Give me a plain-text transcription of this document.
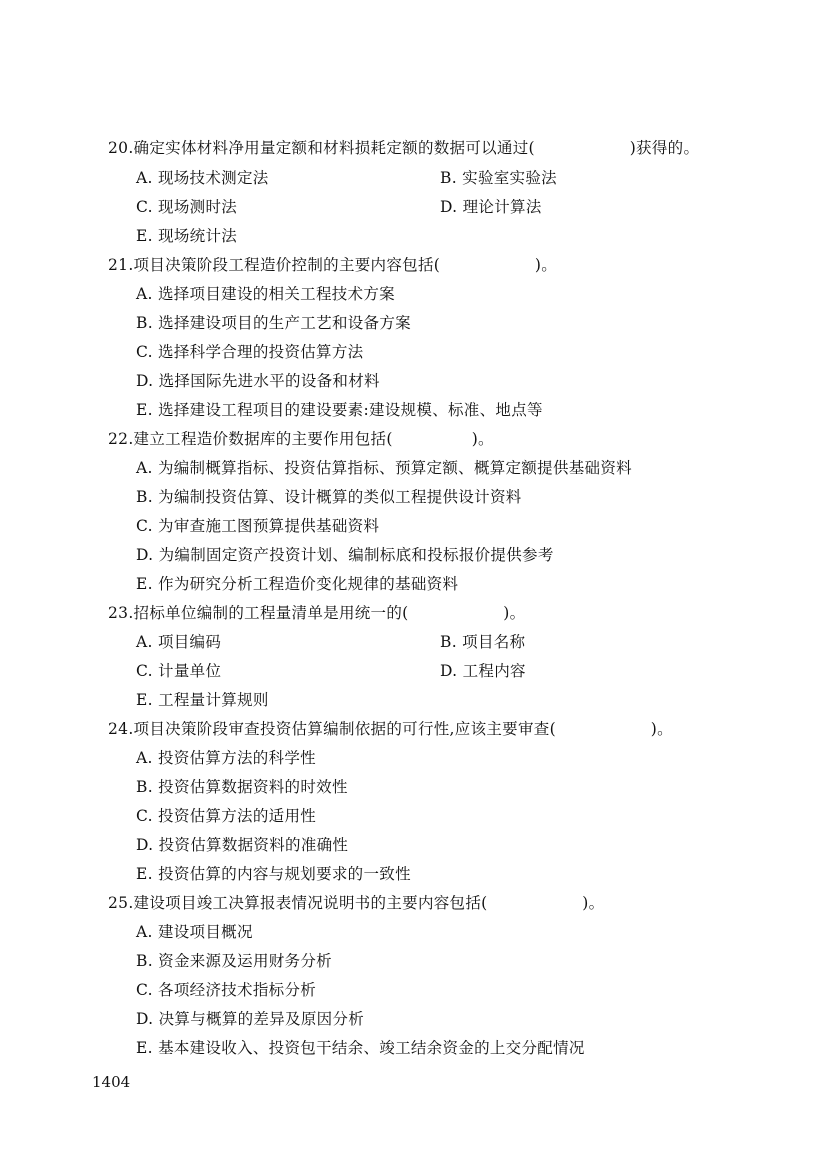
20.确定实体材料净用量定额和材料损耗定额的数据可以通过(　　　　　　)获得的。
A. 现场技术测定法	B. 实验室实验法
C. 现场测时法	D. 理论计算法
E. 现场统计法
21.项目决策阶段工程造价控制的主要内容包括(　　　　　　)。
A. 选择项目建设的相关工程技术方案
B. 选择建设项目的生产工艺和设备方案
C. 选择科学合理的投资估算方法
D. 选择国际先进水平的设备和材料
E. 选择建设工程项目的建设要素:建设规模、标准、地点等
22.建立工程造价数据库的主要作用包括(　　　　　)。
A. 为编制概算指标、投资估算指标、预算定额、概算定额提供基础资料
B. 为编制投资估算、设计概算的类似工程提供设计资料
C. 为审查施工图预算提供基础资料
D. 为编制固定资产投资计划、编制标底和投标报价提供参考
E. 作为研究分析工程造价变化规律的基础资料
23.招标单位编制的工程量清单是用统一的(　　　　　　)。
A. 项目编码	B. 项目名称
C. 计量单位	D. 工程内容
E. 工程量计算规则
24.项目决策阶段审查投资估算编制依据的可行性,应该主要审查(　　　　　　)。
A. 投资估算方法的科学性
B. 投资估算数据资料的时效性
C. 投资估算方法的适用性
D. 投资估算数据资料的准确性
E. 投资估算的内容与规划要求的一致性
25.建设项目竣工决算报表情况说明书的主要内容包括(　　　　　　)。
A. 建设项目概况
B. 资金来源及运用财务分析
C. 各项经济技术指标分析
D. 决算与概算的差异及原因分析
E. 基本建设收入、投资包干结余、竣工结余资金的上交分配情况
1404
